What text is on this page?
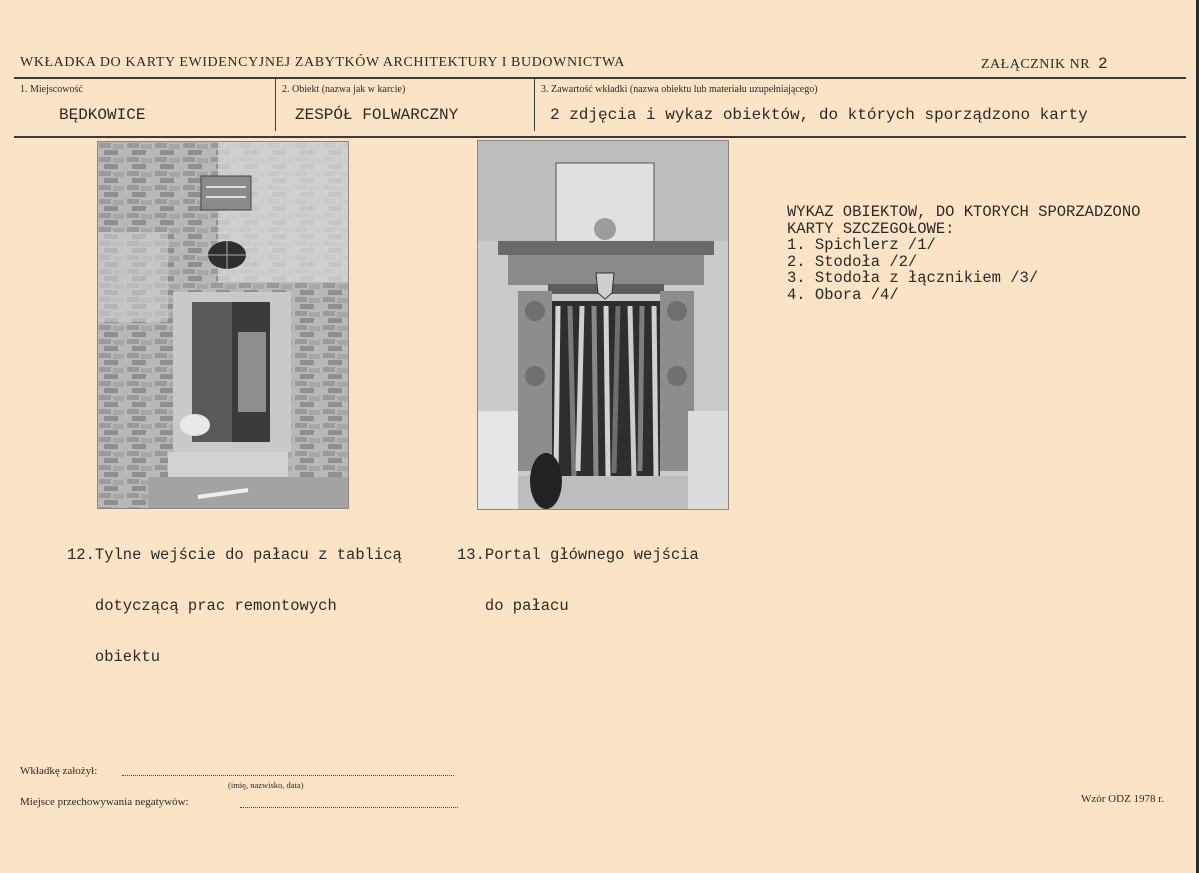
WKŁADKA DO KARTY EWIDENCYJNEJ ZABYTKÓW ARCHITEKTURY I BUDOWNICTWA	ZAŁĄCZNIK NR 2
1. Miejscowość	2. Obiekt (nazwa jak w karcie)	3. Zawartość wkładki (nazwa obiektu lub materiału uzupełniającego)
BĘDKOWICE	ZESPÓŁ FOLWARCZNY	2 zdjęcia i wykaz obiektów, do których sporządzono karty

12.Tylne wejście do pałacu z tablicą

dotyczącą prac remontowych

obiektu

13.Portal głównego wejścia

do pałacu

WYKAZ OBIEKTOW, DO KTORYCH SPORZADZONO
KARTY SZCZEGOŁOWE:
1. Spichlerz /1/
2. Stodoła /2/
3. Stodoła z łącznikiem /3/
4. Obora /4/
Wkładkę założył:
(imię, nazwisko, data)
Miejsce przechowywania negatywów:	Wzór ODZ 1978 r.
